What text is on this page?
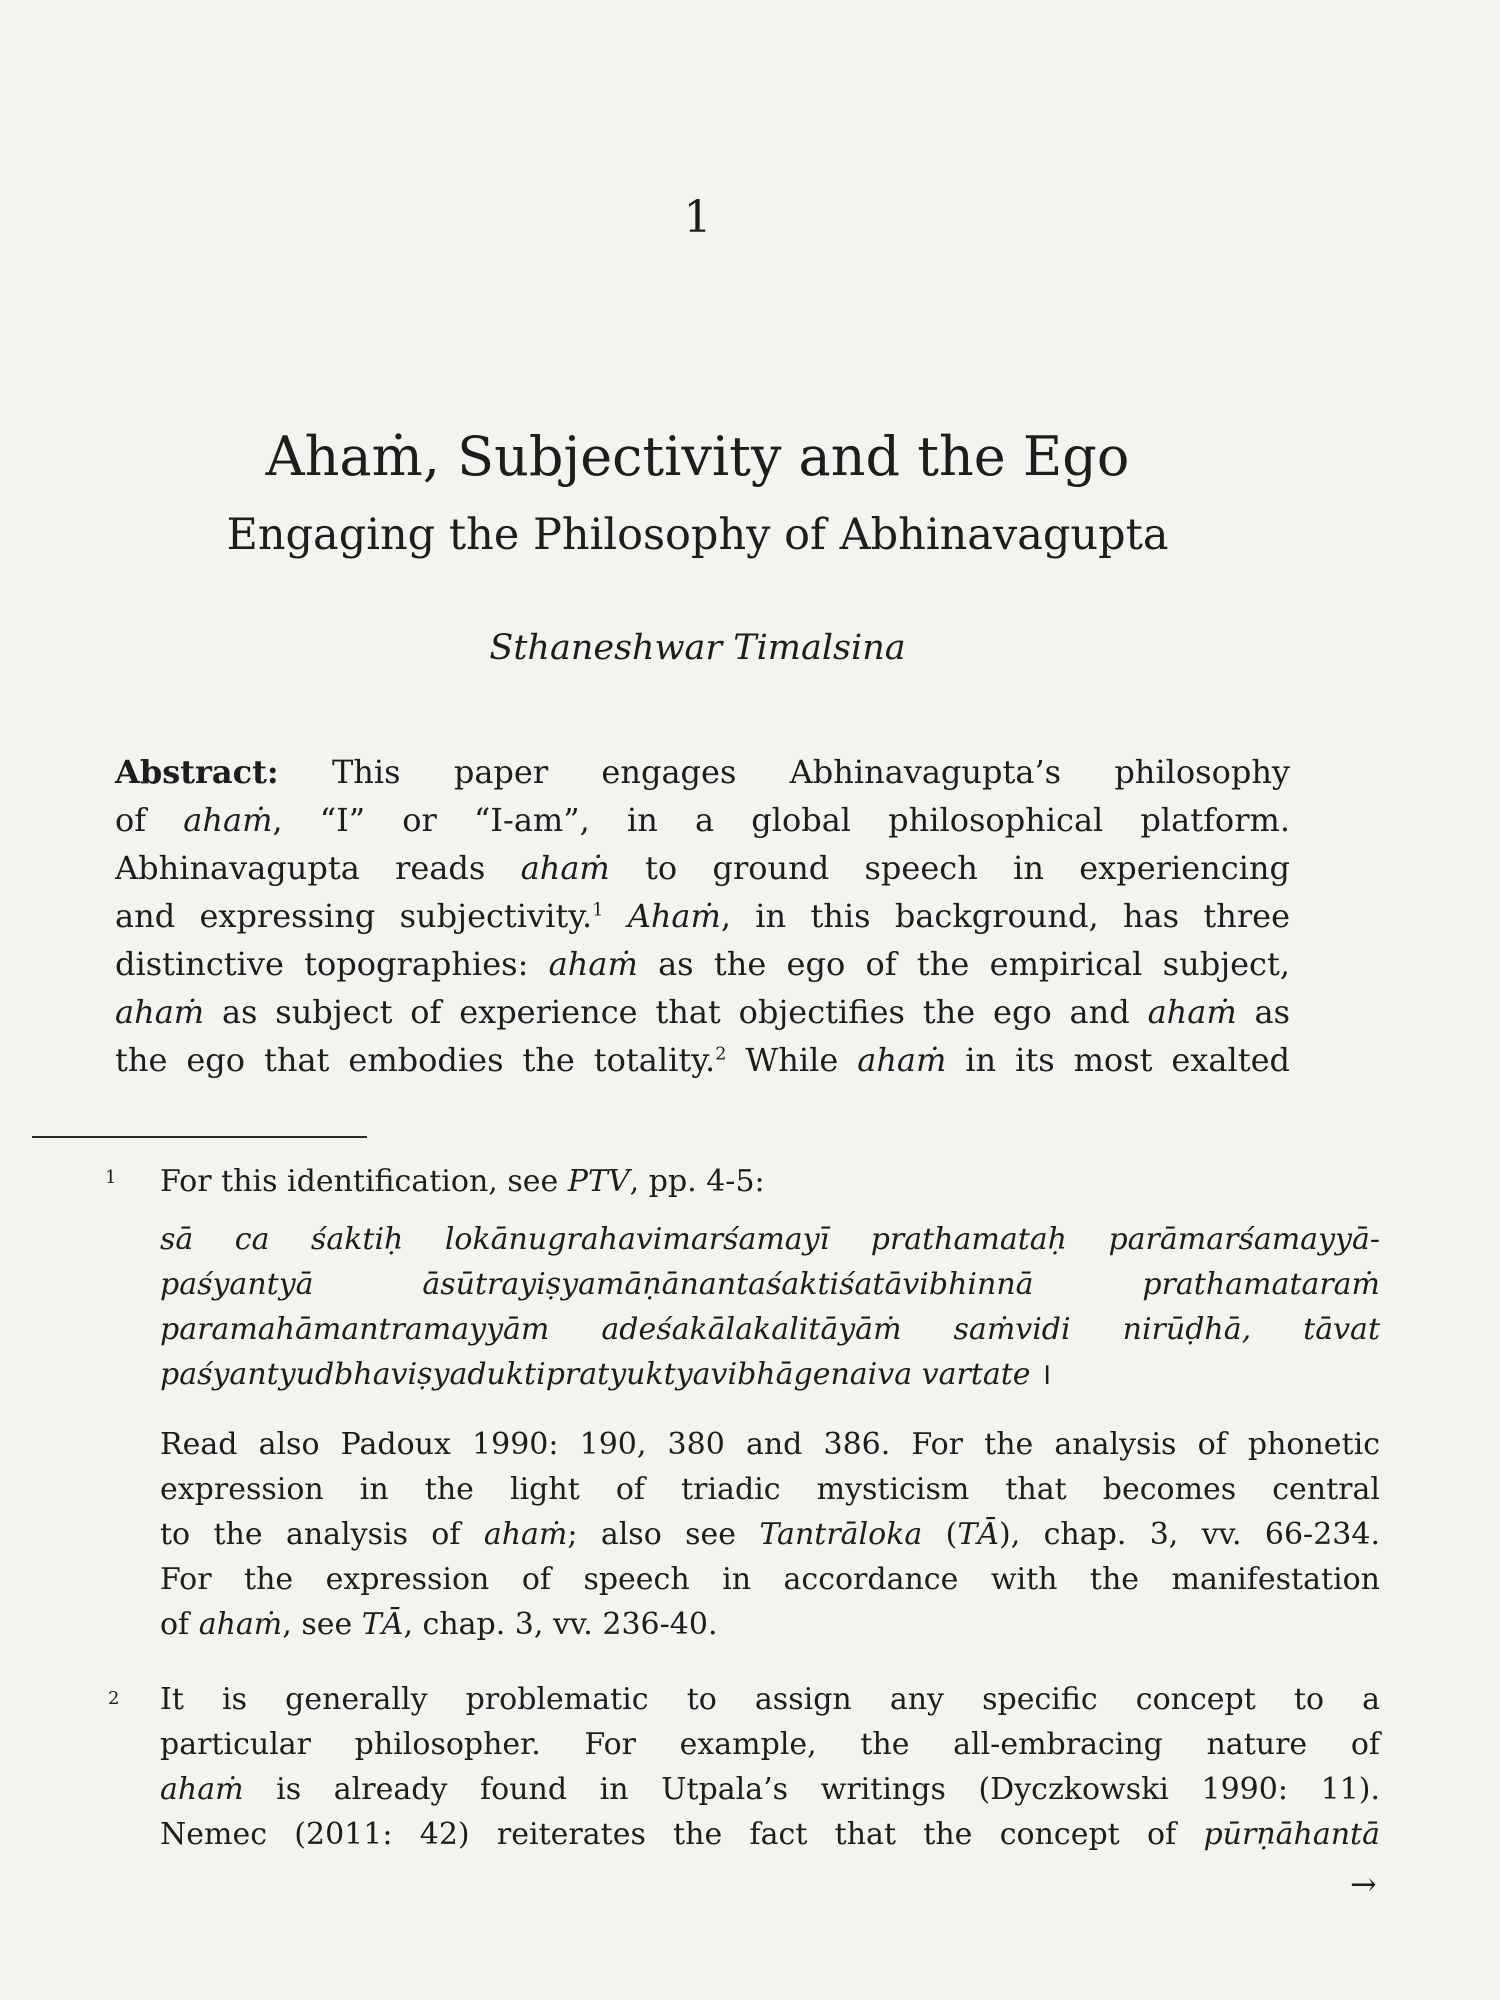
1
Ahaṁ, Subjectivity and the Ego
Engaging the Philosophy of Abhinavagupta
Sthaneshwar Timalsina
Abstract: This paper engages Abhinavagupta’s philosophy
of ahaṁ, “I” or “I-am”, in a global philosophical platform.
Abhinavagupta reads ahaṁ to ground speech in experiencing
and expressing subjectivity.$^1$ Ahaṁ, in this background, has three
distinctive topographies: ahaṁ as the ego of the empirical subject,
ahaṁ as subject of experience that objectifies the ego and ahaṁ as
the ego that embodies the totality.$^2$ While ahaṁ in its most exalted
1 For this identification, see PTV, pp. 4-5:
sā ca śaktiḥ lokānugrahavimarśamayī prathamataḥ parāmarśamayyā-
paśyantyā āsūtrayiṣyamāṇānantaśaktiśatāvibhinnā prathamataraṁ
paramahāmantramayyām adeśakālakalitāyāṁ saṁvidi nirūḍhā, tāvat
paśyantyudbhaviṣyaduktipratyuktyavibhāgenaiva vartate ।
Read also Padoux 1990: 190, 380 and 386. For the analysis of phonetic
expression in the light of triadic mysticism that becomes central
to the analysis of ahaṁ; also see Tantrāloka (TĀ), chap. 3, vv. 66-234.
For the expression of speech in accordance with the manifestation
of ahaṁ, see TĀ, chap. 3, vv. 236-40.
2 It is generally problematic to assign any specific concept to a
particular philosopher. For example, the all-embracing nature of
ahaṁ is already found in Utpala’s writings (Dyczkowski 1990: 11).
Nemec (2011: 42) reiterates the fact that the concept of pūrṇāhantā
→
